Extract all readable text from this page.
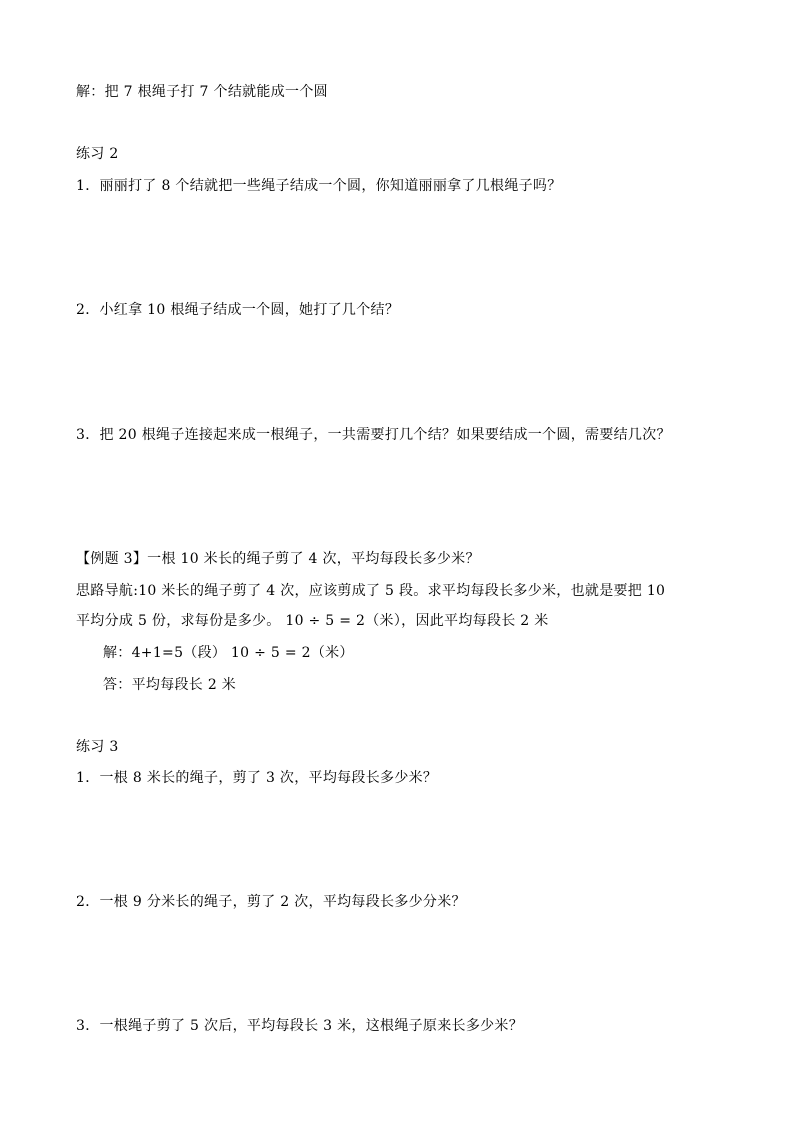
解：把 7 根绳子打 7 个结就能成一个圆
练习 2
1．丽丽打了 8 个结就把一些绳子结成一个圆，你知道丽丽拿了几根绳子吗？
2．小红拿 10 根绳子结成一个圆，她打了几个结？
3．把 20 根绳子连接起来成一根绳子，一共需要打几个结？如果要结成一个圆，需要结几次？
【例题 3】一根 10 米长的绳子剪了 4 次，平均每段长多少米？
思路导航:10 米长的绳子剪了 4 次，应该剪成了 5 段。求平均每段长多少米，也就是要把 10
平均分成 5 份，求每份是多少。 10 ÷ 5 = 2（米），因此平均每段长 2 米
解：4+1=5（段） 10 ÷ 5 = 2（米）
答：平均每段长 2 米
练习 3
1．一根 8 米长的绳子，剪了 3 次，平均每段长多少米？
2．一根 9 分米长的绳子，剪了 2 次，平均每段长多少分米？
3．一根绳子剪了 5 次后，平均每段长 3 米，这根绳子原来长多少米？
